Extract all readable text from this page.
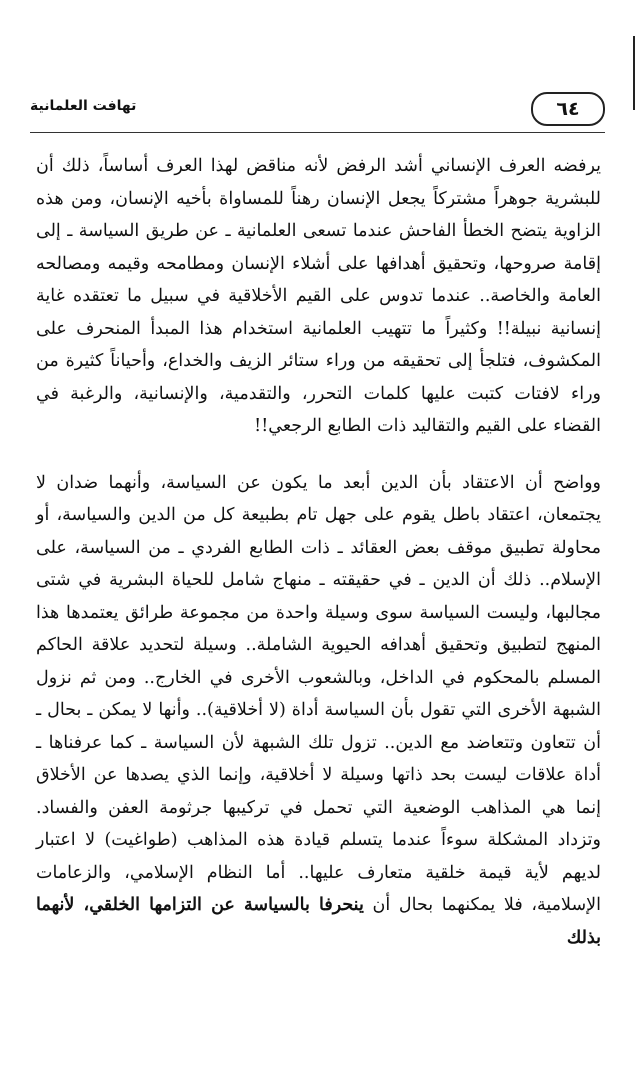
٦٤
تهافت العلمانية

يرفضه العرف الإنساني أشد الرفض لأنه مناقض لهذا العرف أساساً، ذلك أن للبشرية جوهراً مشتركاً يجعل الإنسان رهناً للمساواة بأخيه الإنسان، ومن هذه الزاوية يتضح الخطأ الفاحش عندما تسعى العلمانية ـ عن طريق السياسة ـ إلى إقامة صروحها، وتحقيق أهدافها على أشلاء الإنسان ومطامحه وقيمه ومصالحه العامة والخاصة.. عندما تدوس على القيم الأخلاقية في سبيل ما تعتقده غاية إنسانية نبيلة!! وكثيراً ما تتهيب العلمانية استخدام هذا المبدأ المنحرف على المكشوف، فتلجأ إلى تحقيقه من وراء ستائر الزيف والخداع، وأحياناً كثيرة من وراء لافتات كتبت عليها كلمات التحرر، والتقدمية، والإنسانية، والرغبة في القضاء على القيم والتقاليد ذات الطابع الرجعي!!

وواضح أن الاعتقاد بأن الدين أبعد ما يكون عن السياسة، وأنهما ضدان لا يجتمعان، اعتقاد باطل يقوم على جهل تام بطبيعة كل من الدين والسياسة، أو محاولة تطبيق موقف بعض العقائد ـ ذات الطابع الفردي ـ من السياسة، على الإسلام.. ذلك أن الدين ـ في حقيقته ـ منهاج شامل للحياة البشرية في شتى مجالبها، وليست السياسة سوى وسيلة واحدة من مجموعة طرائق يعتمدها هذا المنهج لتطبيق وتحقيق أهدافه الحيوية الشاملة.. وسيلة لتحديد علاقة الحاكم المسلم بالمحكوم في الداخل، وبالشعوب الأخرى في الخارج.. ومن ثم نزول الشبهة الأخرى التي تقول بأن السياسة أداة (لا أخلاقية).. وأنها لا يمكن ـ بحال ـ أن تتعاون وتتعاضد مع الدين.. تزول تلك الشبهة لأن السياسة ـ كما عرفناها ـ أداة علاقات ليست بحد ذاتها وسيلة لا أخلاقية، وإنما الذي يصدها عن الأخلاق إنما هي المذاهب الوضعية التي تحمل في تركيبها جرثومة العفن والفساد. وتزداد المشكلة سوءاً عندما يتسلم قيادة هذه المذاهب (طواغيت) لا اعتبار لديهم لأية قيمة خلقية متعارف عليها.. أما النظام الإسلامي، والزعامات الإسلامية، فلا يمكنهما بحال أن ينحرفا بالسياسة عن التزامها الخلقي، لأنهما بذلك
